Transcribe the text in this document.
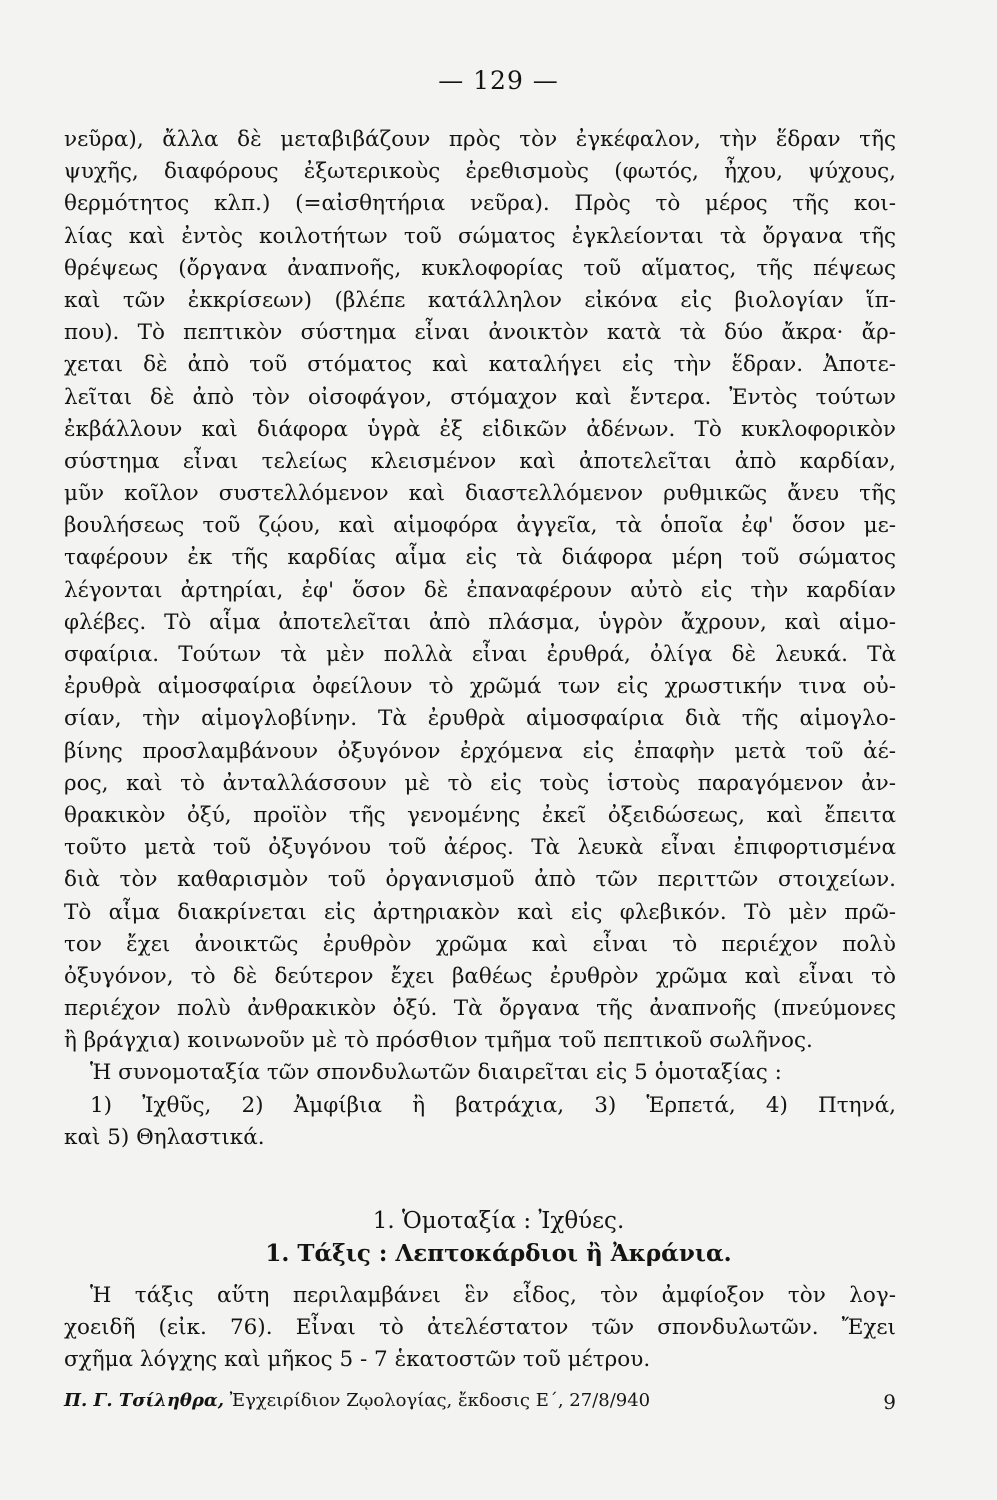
— 129 —
νεῦρα), ἄλλα δὲ μεταβιβάζουν πρὸς τὸν ἐγκέφαλον, τὴν ἕδραν τῆς
ψυχῆς, διαφόρους ἐξωτερικοὺς ἐρεθισμοὺς (φωτός, ἦχου, ψύχους,
θερμότητος κλπ.) (=αἰσθητήρια νεῦρα). Πρὸς τὸ μέρος τῆς κοι-
λίας καὶ ἐντὸς κοιλοτήτων τοῦ σώματος ἐγκλείονται τὰ ὄργανα τῆς
θρέψεως (ὄργανα ἀναπνοῆς, κυκλοφορίας τοῦ αἵματος, τῆς πέψεως
καὶ τῶν ἐκκρίσεων) (βλέπε κατάλληλον εἰκόνα εἰς βιολογίαν ἵπ-
που). Τὸ πεπτικὸν σύστημα εἶναι ἀνοικτὸν κατὰ τὰ δύο ἄκρα· ἄρ-
χεται δὲ ἀπὸ τοῦ στόματος καὶ καταλήγει εἰς τὴν ἕδραν. Ἀποτε-
λεῖται δὲ ἀπὸ τὸν οἰσοφάγον, στόμαχον καὶ ἔντερα. Ἐντὸς τούτων
ἐκβάλλουν καὶ διάφορα ὑγρὰ ἐξ εἰδικῶν ἀδένων. Τὸ κυκλοφορικὸν
σύστημα εἶναι τελείως κλεισμένον καὶ ἀποτελεῖται ἀπὸ καρδίαν,
μῦν κοῖλον συστελλόμενον καὶ διαστελλόμενον ρυθμικῶς ἄνευ τῆς
βουλήσεως τοῦ ζῴου, καὶ αἱμοφόρα ἀγγεῖα, τὰ ὁποῖα ἐφ' ὅσον με-
ταφέρουν ἐκ τῆς καρδίας αἷμα εἰς τὰ διάφορα μέρη τοῦ σώματος
λέγονται ἀρτηρίαι, ἐφ' ὅσον δὲ ἐπαναφέρουν αὐτὸ εἰς τὴν καρδίαν
φλέβες. Τὸ αἷμα ἀποτελεῖται ἀπὸ πλάσμα, ὑγρὸν ἄχρουν, καὶ αἱμο-
σφαίρια. Τούτων τὰ μὲν πολλὰ εἶναι ἐρυθρά, ὀλίγα δὲ λευκά. Τὰ
ἐρυθρὰ αἱμοσφαίρια ὀφείλουν τὸ χρῶμά των εἰς χρωστικήν τινα οὐ-
σίαν, τὴν αἱμογλοβίνην. Τὰ ἐρυθρὰ αἱμοσφαίρια διὰ τῆς αἱμογλο-
βίνης προσλαμβάνουν ὀξυγόνον ἐρχόμενα εἰς ἐπαφὴν μετὰ τοῦ ἀέ-
ρος, καὶ τὸ ἀνταλλάσσουν μὲ τὸ εἰς τοὺς ἱστοὺς παραγόμενον ἀν-
θρακικὸν ὀξύ, προϊὸν τῆς γενομένης ἐκεῖ ὀξειδώσεως, καὶ ἔπειτα
τοῦτο μετὰ τοῦ ὀξυγόνου τοῦ ἀέρος. Τὰ λευκὰ εἶναι ἐπιφορτισμένα
διὰ τὸν καθαρισμὸν τοῦ ὀργανισμοῦ ἀπὸ τῶν περιττῶν στοιχείων.
Τὸ αἷμα διακρίνεται εἰς ἀρτηριακὸν καὶ εἰς φλεβικόν. Τὸ μὲν πρῶ-
τον ἔχει ἀνοικτῶς ἐρυθρὸν χρῶμα καὶ εἶναι τὸ περιέχον πολὺ
ὀξυγόνον, τὸ δὲ δεύτερον ἔχει βαθέως ἐρυθρὸν χρῶμα καὶ εἶναι τὸ
περιέχον πολὺ ἀνθρακικὸν ὀξύ. Τὰ ὄργανα τῆς ἀναπνοῆς (πνεύμονες
ἢ βράγχια) κοινωνοῦν μὲ τὸ πρόσθιον τμῆμα τοῦ πεπτικοῦ σωλῆνος.
Ἡ συνομοταξία τῶν σπονδυλωτῶν διαιρεῖται εἰς 5 ὁμοταξίας :
1) Ἰχθῦς, 2) Ἀμφίβια ἢ βατράχια, 3) Ἑρπετά, 4) Πτηνά,
καὶ 5) Θηλαστικά.
1. Ὁμοταξία : Ἰχθύες.
1. Τάξις : Λεπτοκάρδιοι ἢ Ἀκράνια.
Ἡ τάξις αὕτη περιλαμβάνει ἓν εἶδος, τὸν ἀμφίοξον τὸν λογ-
χοειδῆ (εἰκ. 76). Εἶναι τὸ ἀτελέστατον τῶν σπονδυλωτῶν. Ἔχει
σχῆμα λόγχης καὶ μῆκος 5 - 7 ἑκατοστῶν τοῦ μέτρου.
Π. Γ. Τσίληθρα, Ἐγχειρίδιον Ζῳολογίας, ἔκδοσις Ε΄, 27/8/940	9
